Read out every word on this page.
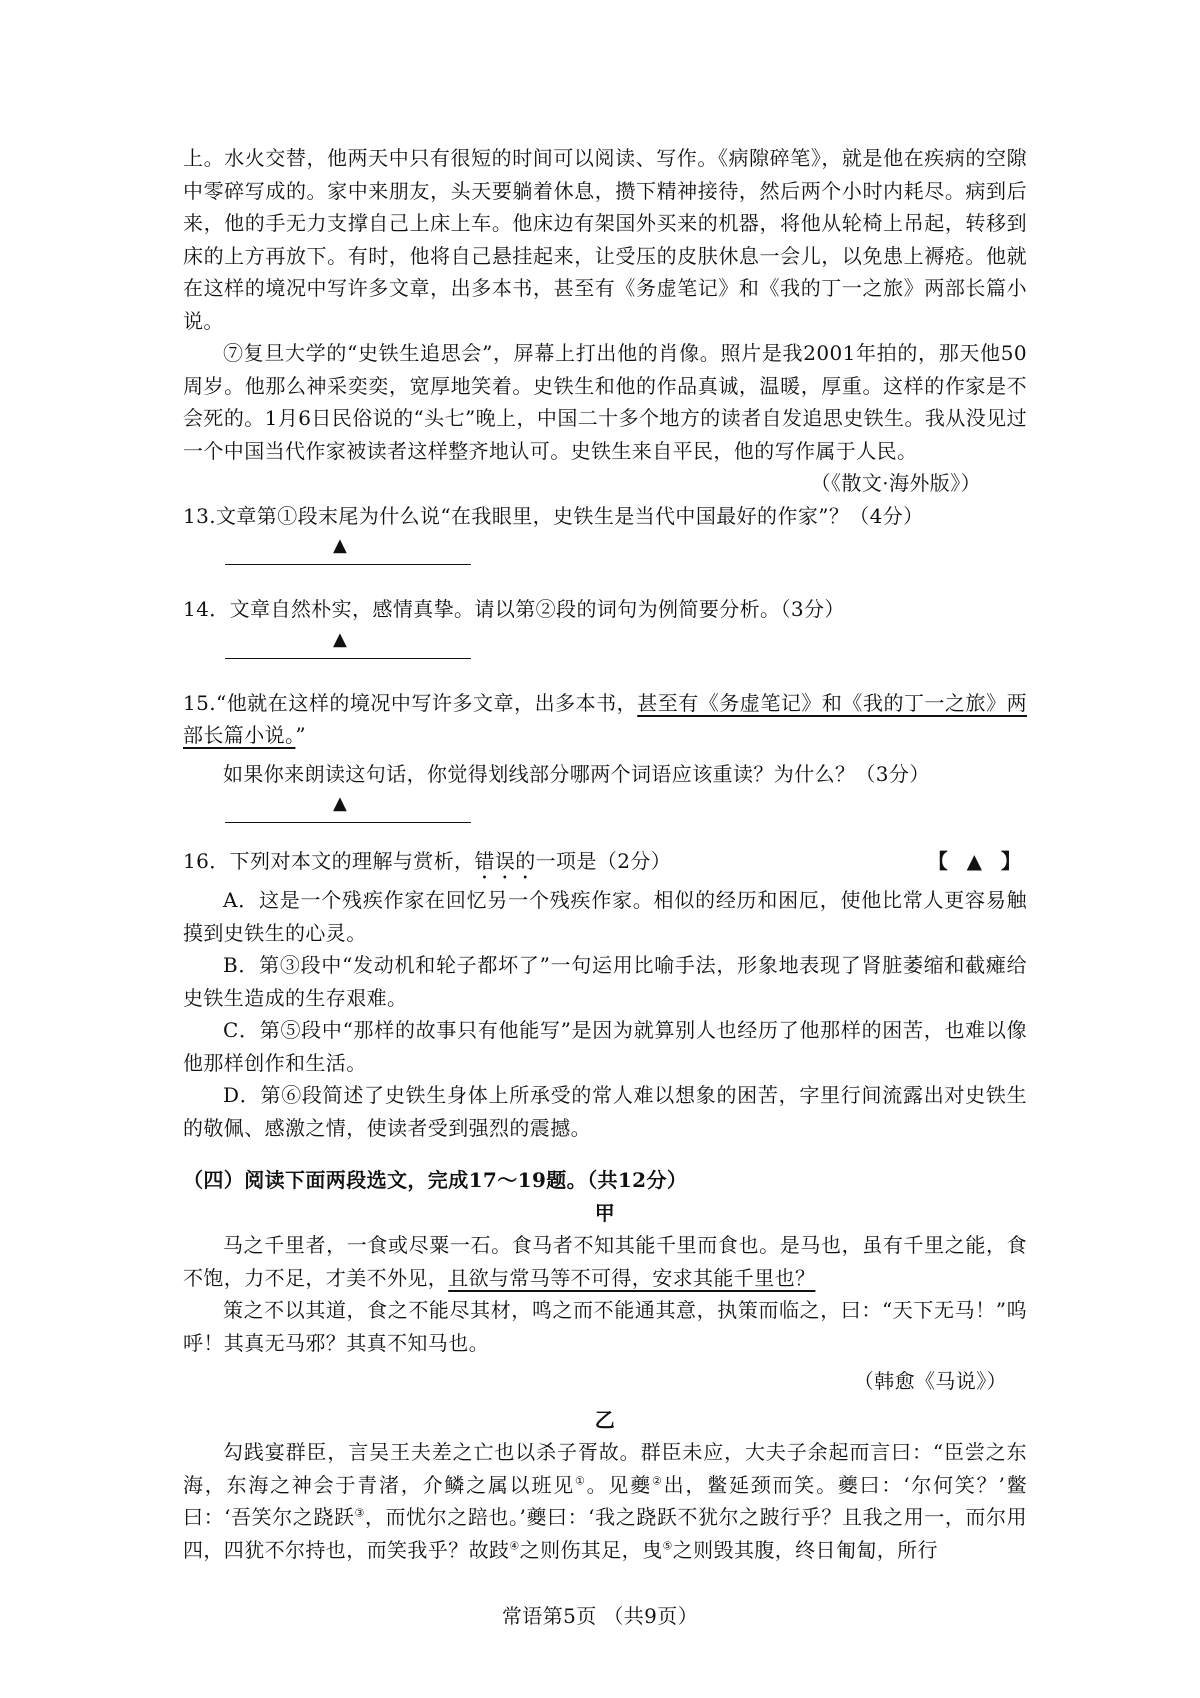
上。水火交替，他两天中只有很短的时间可以阅读、写作。《病隙碎笔》，就是他在疾病的空隙中零碎写成的。家中来朋友，头天要躺着休息，攒下精神接待，然后两个小时内耗尽。病到后来，他的手无力支撑自己上床上车。他床边有架国外买来的机器，将他从轮椅上吊起，转移到床的上方再放下。有时，他将自己悬挂起来，让受压的皮肤休息一会儿，以免患上褥疮。他就在这样的境况中写许多文章，出多本书，甚至有《务虚笔记》和《我的丁一之旅》两部长篇小说。

⑦复旦大学的“史铁生追思会”，屏幕上打出他的肖像。照片是我2001年拍的，那天他50周岁。他那么神采奕奕，宽厚地笑着。史铁生和他的作品真诚，温暖，厚重。这样的作家是不会死的。1月6日民俗说的“头七”晚上，中国二十多个地方的读者自发追思史铁生。我从没见过一个中国当代作家被读者这样整齐地认可。史铁生来自平民，他的写作属于人民。

（《散文·海外版》）

13.文章第①段末尾为什么说“在我眼里，史铁生是当代中国最好的作家”？（4分）

▲

14．文章自然朴实，感情真挚。请以第②段的词句为例简要分析。（3分）

▲

15.“他就在这样的境况中写许多文章，出多本书，甚至有《务虚笔记》和《我的丁一之旅》两部长篇小说。”

如果你来朗读这句话，你觉得划线部分哪两个词语应该重读？为什么？（3分）

▲

16．下列对本文的理解与赏析，错误的一项是（2分）	【 ▲ 】

A．这是一个残疾作家在回忆另一个残疾作家。相似的经历和困厄，使他比常人更容易触摸到史铁生的心灵。

B．第③段中“发动机和轮子都坏了”一句运用比喻手法，形象地表现了肾脏萎缩和截瘫给史铁生造成的生存艰难。

C．第⑤段中“那样的故事只有他能写”是因为就算别人也经历了他那样的困苦，也难以像他那样创作和生活。

D．第⑥段简述了史铁生身体上所承受的常人难以想象的困苦，字里行间流露出对史铁生的敬佩、感激之情，使读者受到强烈的震撼。

（四）阅读下面两段选文，完成17～19题。（共12分）

甲

马之千里者，一食或尽粟一石。食马者不知其能千里而食也。是马也，虽有千里之能，食不饱，力不足，才美不外见，且欲与常马等不可得，安求其能千里也？

策之不以其道，食之不能尽其材，鸣之而不能通其意，执策而临之，曰：“天下无马！”呜呼！其真无马邪？其真不知马也。

（韩愈《马说》）

乙

勾践宴群臣，言吴王夫差之亡也以杀子胥故。群臣未应，大夫子余起而言曰：“臣尝之东海，东海之神会于青渚，介鳞之属以班见①。见夔②出，鳖延颈而笑。夔曰：‘尔何笑？’鳖曰：‘吾笑尔之跷跃③，而忧尔之踣也。’夔曰：‘我之跷跃不犹尔之跛行乎？且我之用一，而尔用四，四犹不尔持也，而笑我乎？故跂④之则伤其足，曳⑤之则毁其腹，终日匍匐，所行

常语第5页 （共9页）
